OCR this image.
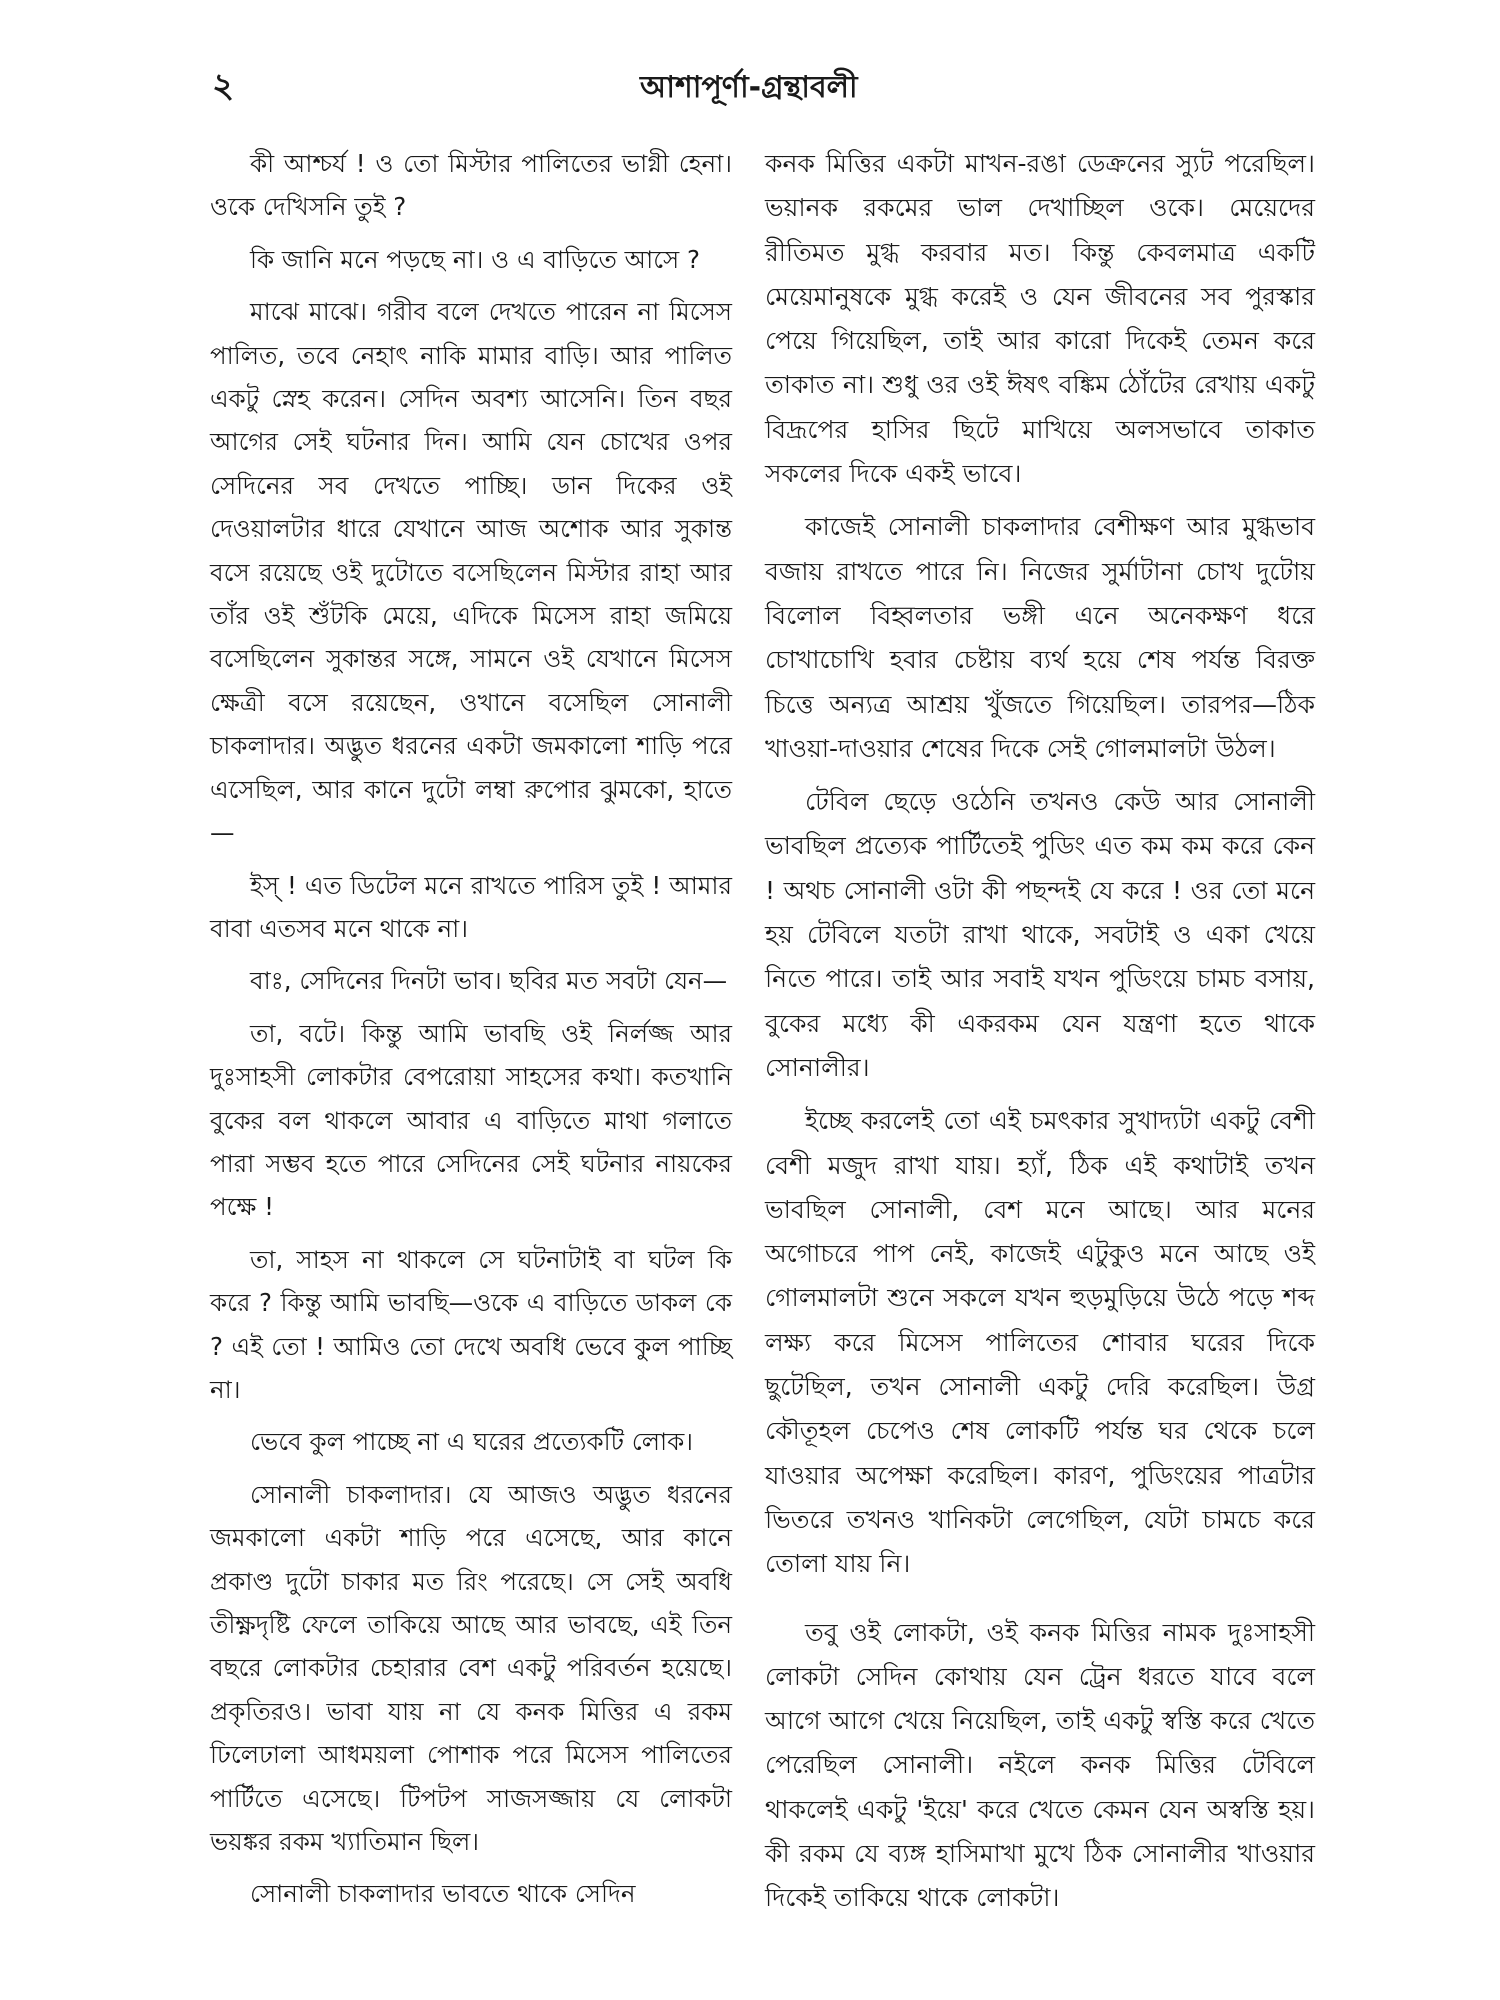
২	আশাপূর্ণা-গ্রন্থাবলী

কী আশ্চর্য ! ও তো মিস্টার পালিতের ভাগ্নী হেনা। ওকে দেখিসনি তুই ?

কি জানি মনে পড়ছে না। ও এ বাড়িতে আসে ?

মাঝে মাঝে। গরীব বলে দেখতে পারেন না মিসেস পালিত, তবে নেহাৎ নাকি মামার বাড়ি। আর পালিত একটু স্নেহ করেন। সেদিন অবশ্য আসেনি। তিন বছর আগের সেই ঘটনার দিন। আমি যেন চোখের ওপর সেদিনের সব দেখতে পাচ্ছি। ডান দিকের ওই দেওয়ালটার ধারে যেখানে আজ অশোক আর সুকান্ত বসে রয়েছে ওই দুটোতে বসেছিলেন মিস্টার রাহা আর তাঁর ওই শুঁটকি মেয়ে, এদিকে মিসেস রাহা জমিয়ে বসেছিলেন সুকান্তর সঙ্গে, সামনে ওই যেখানে মিসেস ক্ষেত্রী বসে রয়েছেন, ওখানে বসেছিল সোনালী চাকলাদার। অদ্ভুত ধরনের একটা জমকালো শাড়ি পরে এসেছিল, আর কানে দুটো লম্বা রুপোর ঝুমকো, হাতে—

ইস্‌ ! এত ডিটেল মনে রাখতে পারিস তুই ! আমার বাবা এতসব মনে থাকে না।

বাঃ, সেদিনের দিনটা ভাব। ছবির মত সবটা যেন—

তা, বটে। কিন্তু আমি ভাবছি ওই নির্লজ্জ আর দুঃসাহসী লোকটার বেপরোয়া সাহসের কথা। কতখানি বুকের বল থাকলে আবার এ বাড়িতে মাথা গলাতে পারা সম্ভব হতে পারে সেদিনের সেই ঘটনার নায়কের পক্ষে !

তা, সাহস না থাকলে সে ঘটনাটাই বা ঘটল কি করে ? কিন্তু আমি ভাবছি—ওকে এ বাড়িতে ডাকল কে ? এই তো ! আমিও তো দেখে অবধি ভেবে কুল পাচ্ছি না।

ভেবে কুল পাচ্ছে না এ ঘরের প্রত্যেকটি লোক।

সোনালী চাকলাদার। যে আজও অদ্ভুত ধরনের জমকালো একটা শাড়ি পরে এসেছে, আর কানে প্রকাণ্ড দুটো চাকার মত রিং পরেছে। সে সেই অবধি তীক্ষ্ণদৃষ্টি ফেলে তাকিয়ে আছে আর ভাবছে, এই তিন বছরে লোকটার চেহারার বেশ একটু পরিবর্তন হয়েছে। প্রকৃতিরও। ভাবা যায় না যে কনক মিত্তির এ রকম ঢিলেঢালা আধময়লা পোশাক পরে মিসেস পালিতের পার্টিতে এসেছে। টিপটপ সাজসজ্জায় যে লোকটা ভয়ঙ্কর রকম খ্যাতিমান ছিল।

সোনালী চাকলাদার ভাবতে থাকে সেদিন

কনক মিত্তির একটা মাখন-রঙা ডেক্রনের স্যুট পরেছিল। ভয়ানক রকমের ভাল দেখাচ্ছিল ওকে। মেয়েদের রীতিমত মুগ্ধ করবার মত। কিন্তু কেবলমাত্র একটি মেয়েমানুষকে মুগ্ধ করেই ও যেন জীবনের সব পুরস্কার পেয়ে গিয়েছিল, তাই আর কারো দিকেই তেমন করে তাকাত না। শুধু ওর ওই ঈষৎ বঙ্কিম ঠোঁটের রেখায় একটু বিদ্রূপের হাসির ছিটে মাখিয়ে অলসভাবে তাকাত সকলের দিকে একই ভাবে।

কাজেই সোনালী চাকলাদার বেশীক্ষণ আর মুগ্ধভাব বজায় রাখতে পারে নি। নিজের সুর্মাটানা চোখ দুটোয় বিলোল বিহ্বলতার ভঙ্গী এনে অনেকক্ষণ ধরে চোখাচোখি হবার চেষ্টায় ব্যর্থ হয়ে শেষ পর্যন্ত বিরক্ত চিত্তে অন্যত্র আশ্রয় খুঁজতে গিয়েছিল। তারপর—ঠিক খাওয়া-দাওয়ার শেষের দিকে সেই গোলমালটা উঠল।

টেবিল ছেড়ে ওঠেনি তখনও কেউ আর সোনালী ভাবছিল প্রত্যেক পার্টিতেই পুডিং এত কম কম করে কেন ! অথচ সোনালী ওটা কী পছন্দই যে করে ! ওর তো মনে হয় টেবিলে যতটা রাখা থাকে, সবটাই ও একা খেয়ে নিতে পারে। তাই আর সবাই যখন পুডিংয়ে চামচ বসায়, বুকের মধ্যে কী একরকম যেন যন্ত্রণা হতে থাকে সোনালীর।

ইচ্ছে করলেই তো এই চমৎকার সুখাদ্যটা একটু বেশী বেশী মজুদ রাখা যায়। হ্যাঁ, ঠিক এই কথাটাই তখন ভাবছিল সোনালী, বেশ মনে আছে। আর মনের অগোচরে পাপ নেই, কাজেই এটুকুও মনে আছে ওই গোলমালটা শুনে সকলে যখন হুড়মুড়িয়ে উঠে পড়ে শব্দ লক্ষ্য করে মিসেস পালিতের শোবার ঘরের দিকে ছুটেছিল, তখন সোনালী একটু দেরি করেছিল। উগ্র কৌতূহল চেপেও শেষ লোকটি পর্যন্ত ঘর থেকে চলে যাওয়ার অপেক্ষা করেছিল। কারণ, পুডিংয়ের পাত্রটার ভিতরে তখনও খানিকটা লেগেছিল, যেটা চামচে করে তোলা যায় নি।

তবু ওই লোকটা, ওই কনক মিত্তির নামক দুঃসাহসী লোকটা সেদিন কোথায় যেন ট্রেন ধরতে যাবে বলে আগে আগে খেয়ে নিয়েছিল, তাই একটু স্বস্তি করে খেতে পেরেছিল সোনালী। নইলে কনক মিত্তির টেবিলে থাকলেই একটু 'ইয়ে' করে খেতে কেমন যেন অস্বস্তি হয়। কী রকম যে ব্যঙ্গ হাসিমাখা মুখে ঠিক সোনালীর খাওয়ার দিকেই তাকিয়ে থাকে লোকটা।
